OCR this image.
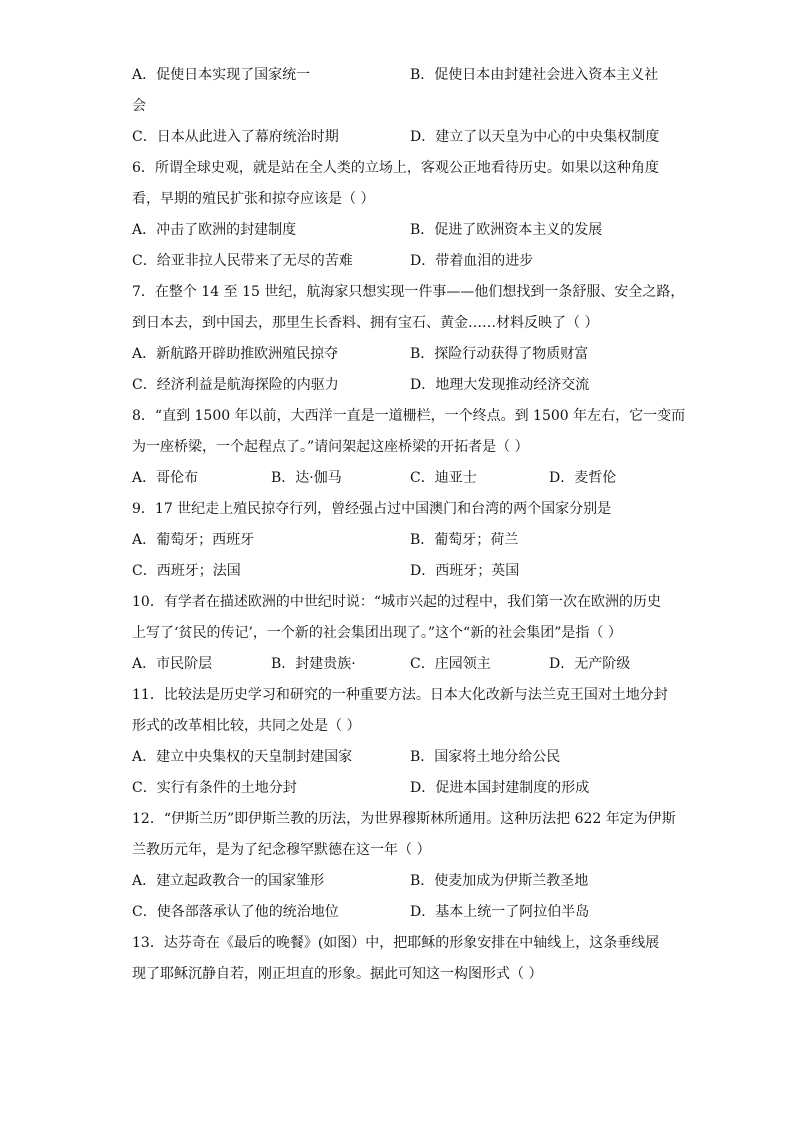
A．促使日本实现了国家统一	B．促使日本由封建社会进入资本主义社
会
C．日本从此进入了幕府统治时期	D．建立了以天皇为中心的中央集权制度
6．所谓全球史观，就是站在全人类的立场上，客观公正地看待历史。如果以这种角度
看，早期的殖民扩张和掠夺应该是（ ）
A．冲击了欧洲的封建制度	B．促进了欧洲资本主义的发展
C．给亚非拉人民带来了无尽的苦难	D．带着血泪的进步
7．在整个 14 至 15 世纪，航海家只想实现一件事——他们想找到一条舒服、安全之路，
到日本去，到中国去，那里生长香料、拥有宝石、黄金……材料反映了（ ）
A．新航路开辟助推欧洲殖民掠夺	B．探险行动获得了物质财富
C．经济利益是航海探险的内驱力	D．地理大发现推动经济交流
8．“直到 1500 年以前，大西洋一直是一道栅栏，一个终点。到 1500 年左右，它一变而
为一座桥梁，一个起程点了。”请问架起这座桥梁的开拓者是（ ）
A．哥伦布	B．达·伽马	C．迪亚士	D．麦哲伦
9．17 世纪走上殖民掠夺行列，曾经强占过中国澳门和台湾的两个国家分别是
A．葡萄牙；西班牙	B．葡萄牙；荷兰
C．西班牙；法国	D．西班牙；英国
10．有学者在描述欧洲的中世纪时说：“城市兴起的过程中，我们第一次在欧洲的历史
上写了‘贫民的传记’，一个新的社会集团出现了。”这个“新的社会集团”是指（ ）
A．市民阶层	B．封建贵族·	C．庄园领主	D．无产阶级
11．比较法是历史学习和研究的一种重要方法。日本大化改新与法兰克王国对土地分封
形式的改革相比较，共同之处是（ ）
A．建立中央集权的天皇制封建国家	B．国家将土地分给公民
C．实行有条件的土地分封	D．促进本国封建制度的形成
12．“伊斯兰历”即伊斯兰教的历法，为世界穆斯林所通用。这种历法把 622 年定为伊斯
兰教历元年，是为了纪念穆罕默德在这一年（ ）
A．建立起政教合一的国家雏形	B．使麦加成为伊斯兰教圣地
C．使各部落承认了他的统治地位	D．基本上统一了阿拉伯半岛
13．达芬奇在《最后的晚餐》(如图）中，把耶稣的形象安排在中轴线上，这条垂线展
现了耶稣沉静自若，刚正坦直的形象。据此可知这一构图形式（ ）
